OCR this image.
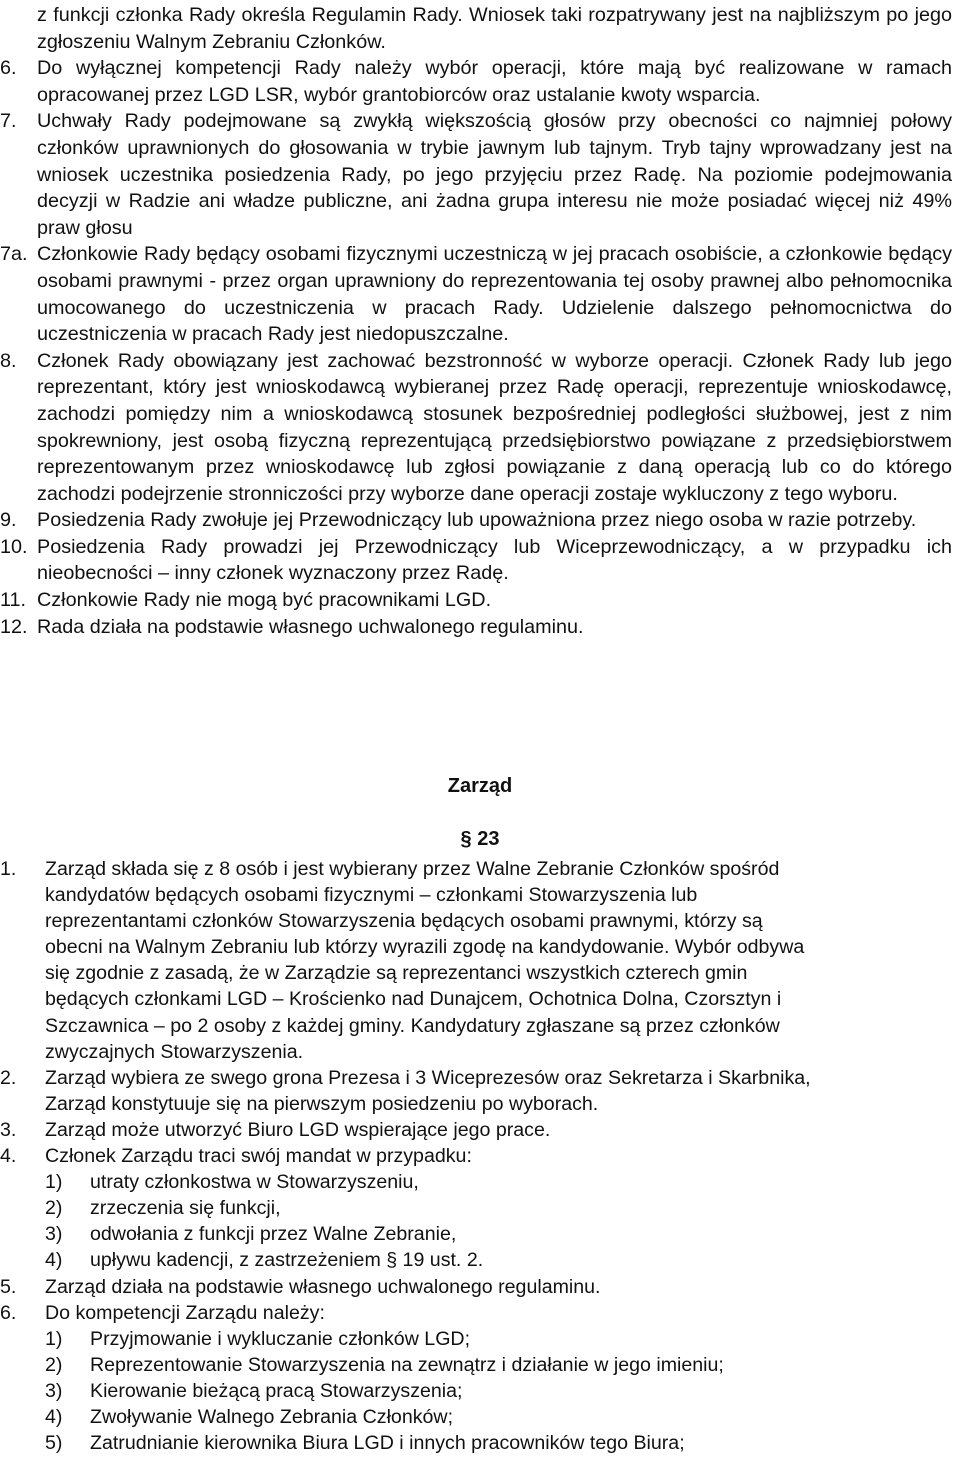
z funkcji członka Rady określa Regulamin Rady. Wniosek taki rozpatrywany jest na najbliższym po jego zgłoszeniu Walnym Zebraniu Członków.
6. Do wyłącznej kompetencji Rady należy wybór operacji, które mają być realizowane w ramach opracowanej przez LGD LSR, wybór grantobiorców oraz ustalanie kwoty wsparcia.
7. Uchwały Rady podejmowane są zwykłą większością głosów przy obecności co najmniej połowy członków uprawnionych do głosowania w trybie jawnym lub tajnym. Tryb tajny wprowadzany jest na wniosek uczestnika posiedzenia Rady, po jego przyjęciu przez Radę. Na poziomie podejmowania decyzji w Radzie ani władze publiczne, ani żadna grupa interesu nie może posiadać więcej niż 49% praw głosu
7a. Członkowie Rady będący osobami fizycznymi uczestniczą w jej pracach osobiście, a członkowie będący osobami prawnymi - przez organ uprawniony do reprezentowania tej osoby prawnej albo pełnomocnika umocowanego do uczestniczenia w pracach Rady. Udzielenie dalszego pełnomocnictwa do uczestniczenia w pracach Rady jest niedopuszczalne.
8. Członek Rady obowiązany jest zachować bezstronność w wyborze operacji. Członek Rady lub jego reprezentant, który jest wnioskodawcą wybieranej przez Radę operacji, reprezentuje wnioskodawcę, zachodzi pomiędzy nim a wnioskodawcą stosunek bezpośredniej podległości służbowej, jest z nim spokrewniony, jest osobą fizyczną reprezentującą przedsiębiorstwo powiązane z przedsiębiorstwem reprezentowanym przez wnioskodawcę lub zgłosi powiązanie z daną operacją lub co do którego zachodzi podejrzenie stronniczości przy wyborze dane operacji zostaje wykluczony z tego wyboru.
9. Posiedzenia Rady zwołuje jej Przewodniczący lub upoważniona przez niego osoba w razie potrzeby.
10. Posiedzenia Rady prowadzi jej Przewodniczący lub Wiceprzewodniczący, a w przypadku ich nieobecności – inny członek wyznaczony przez Radę.
11. Członkowie Rady nie mogą być pracownikami LGD.
12. Rada działa na podstawie własnego uchwalonego regulaminu.
Zarząd
§ 23
1. Zarząd składa się z 8 osób i jest wybierany przez Walne Zebranie Członków spośród
kandydatów będących osobami fizycznymi – członkami Stowarzyszenia lub
reprezentantami członków Stowarzyszenia będących osobami prawnymi, którzy są
obecni na Walnym Zebraniu lub którzy wyrazili zgodę na kandydowanie. Wybór odbywa
się zgodnie z zasadą, że w Zarządzie są reprezentanci wszystkich czterech gmin
będących członkami LGD – Krościenko nad Dunajcem, Ochotnica Dolna, Czorsztyn i
Szczawnica – po 2 osoby z każdej gminy. Kandydatury zgłaszane są przez członków
zwyczajnych Stowarzyszenia.
2. Zarząd wybiera ze swego grona Prezesa i 3 Wiceprezesów oraz Sekretarza i Skarbnika,
Zarząd konstytuuje się na pierwszym posiedzeniu po wyborach.
3. Zarząd może utworzyć Biuro LGD wspierające jego prace.
4. Członek Zarządu traci swój mandat w przypadku:
1) utraty członkostwa w Stowarzyszeniu,
2) zrzeczenia się funkcji,
3) odwołania z funkcji przez Walne Zebranie,
4) upływu kadencji, z zastrzeżeniem § 19 ust. 2.
5. Zarząd działa na podstawie własnego uchwalonego regulaminu.
6. Do kompetencji Zarządu należy:
1) Przyjmowanie i wykluczanie członków LGD;
2) Reprezentowanie Stowarzyszenia na zewnątrz i działanie w jego imieniu;
3) Kierowanie bieżącą pracą Stowarzyszenia;
4) Zwoływanie Walnego Zebrania Członków;
5) Zatrudnianie kierownika Biura LGD i innych pracowników tego Biura;
